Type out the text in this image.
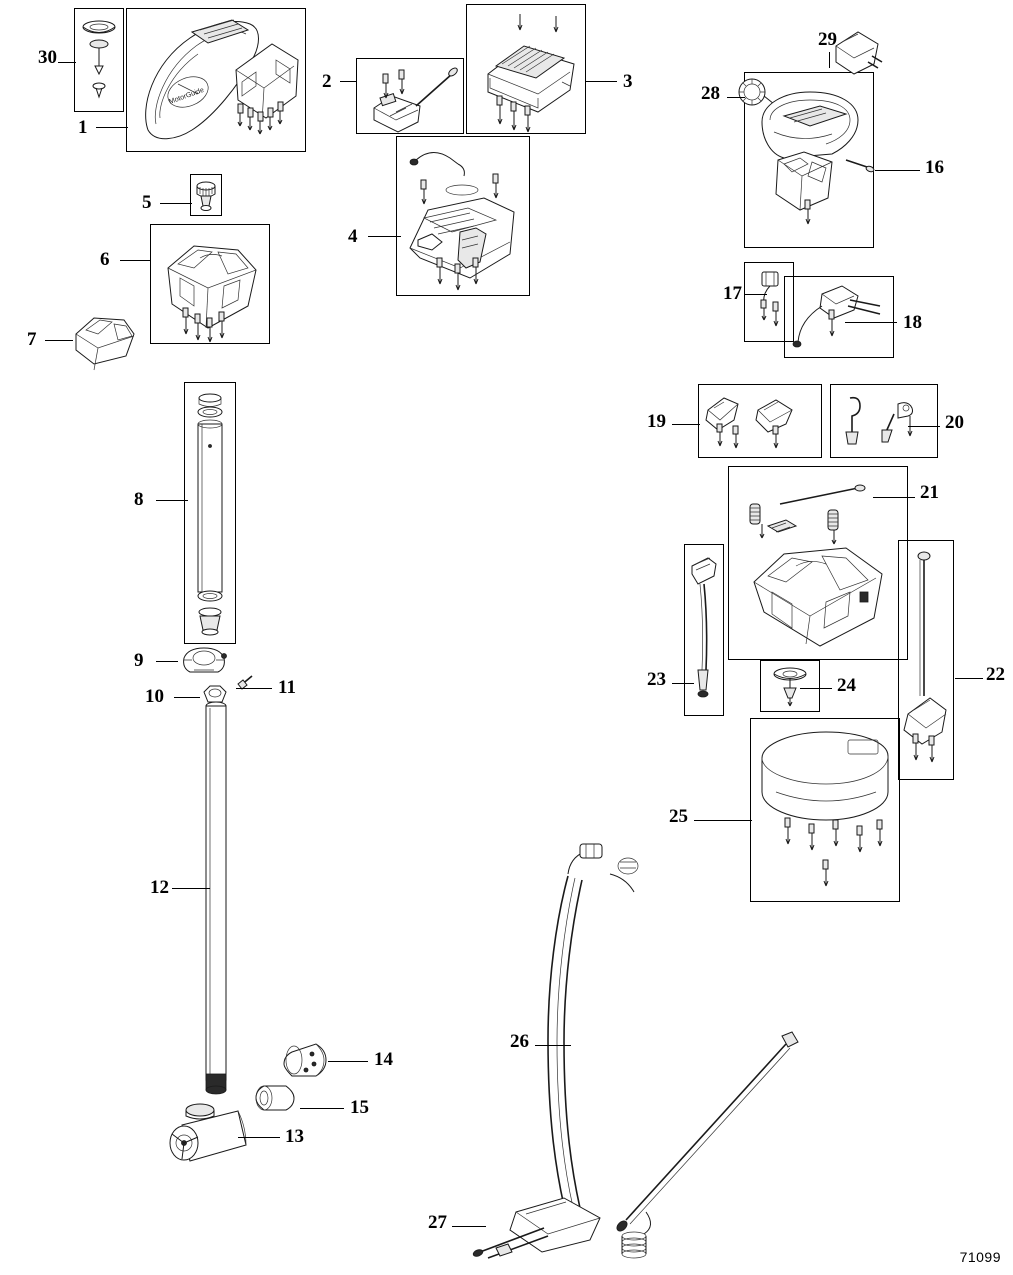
MotorGuide
30
1
2	3
4
5
6
7
8
9
10	11
12
13
14
15
16
17
18
19	20
21
22
23	24
25
26
27
28
29
71099
